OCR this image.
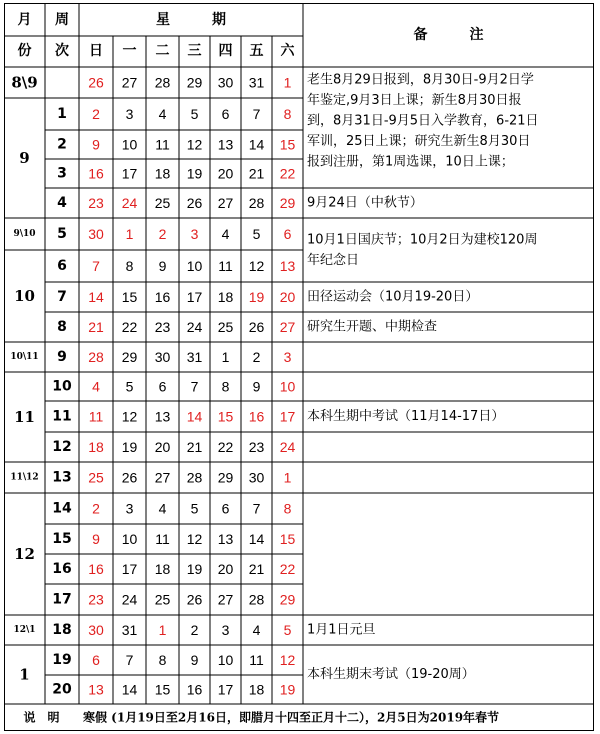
月
份
周
次
星　　　期
日 一 二 三 四 五 六
备　　　注
8\9
9
9\10
10
10\11
11
11\12
12
12\1
1
26 27 28 29 30 31 1
1 2 3 4 5 6 7 8
2 9 10 11 12 13 14 15
3 16 17 18 19 20 21 22
4 23 24 25 26 27 28 29
5 30 1 2 3 4 5 6
6 7 8 9 10 11 12 13
7 14 15 16 17 18 19 20
8 21 22 23 24 25 26 27
9 28 29 30 31 1 2 3
10 4 5 6 7 8 9 10
11 11 12 13 14 15 16 17
12 18 19 20 21 22 23 24
13 25 26 27 28 29 30 1
14 2 3 4 5 6 7 8
15 9 10 11 12 13 14 15
16 16 17 18 19 20 21 22
17 23 24 25 26 27 28 29
18 30 31 1 2 3 4 5
19 6 7 8 9 10 11 12
20 13 14 15 16 17 18 19
老生8月29日报到，8月30日-9月2日学
年鉴定,9月3日上课；新生8月30日报
到，8月31日-9月5日入学教育，6-21日
军训，25日上课；研究生新生8月30日
报到注册，第1周选课，10日上课；
9月24日（中秋节）
10月1日国庆节；10月2日为建校120周
年纪念日
田径运动会（10月19-20日）
研究生开题、中期检查
本科生期中考试（11月14-17日）
1月1日元旦
本科生期末考试（19-20周）
说　明 寒假 (1月19日至2月16日，即腊月十四至正月十二），2月5日为2019年春节
